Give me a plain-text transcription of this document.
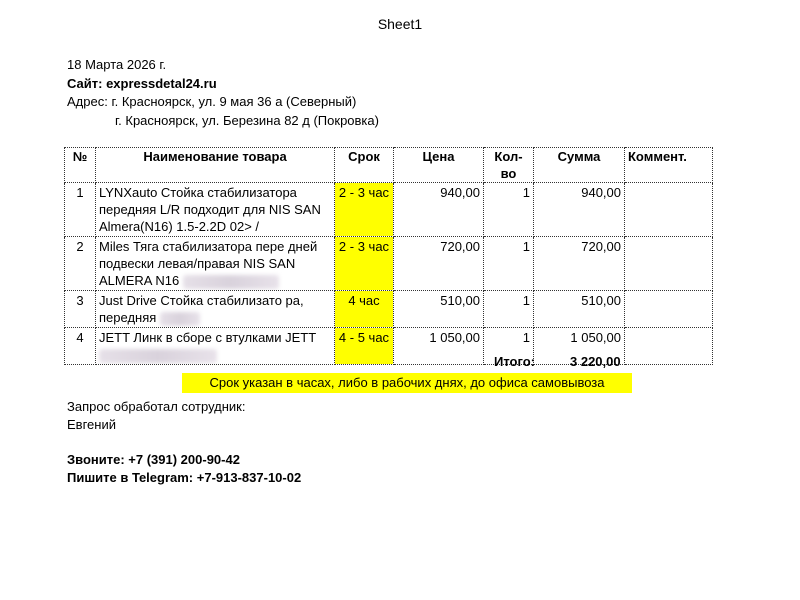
Sheet1
18 Марта 2026 г.
Сайт: expressdetal24.ru
Адрес: г. Красноярск, ул. 9 мая 36 а (Северный)
г. Красноярск, ул. Березина 82 д (Покровка)
№	Наименование товара	Срок	Цена	Кол-во	Сумма	Коммент.
1	LYNXauto Стойка стабилизатора передняя L/R подходит для NIS SAN Almera(N16) 1.5-2.2D 02> /	2 - 3 час	940,00	1	940,00	
2	Miles Тяга стабилизатора пере дней подвески левая/правая NIS SAN ALMERA N16	2 - 3 час	720,00	1	720,00	
3	Just Drive Стойка стабилизато ра, передняя	4 час	510,00	1	510,00	
4	JETT Линк в сборе с втулками JETT	4 - 5 час	1 050,00	1	1 050,00	
Итого:	3 220,00
Срок указан в часах, либо в рабочих днях, до офиса самовывоза
Запрос обработал сотрудник:
Евгений
Звоните: +7 (391) 200-90-42
Пишите в Telegram: +7-913-837-10-02
